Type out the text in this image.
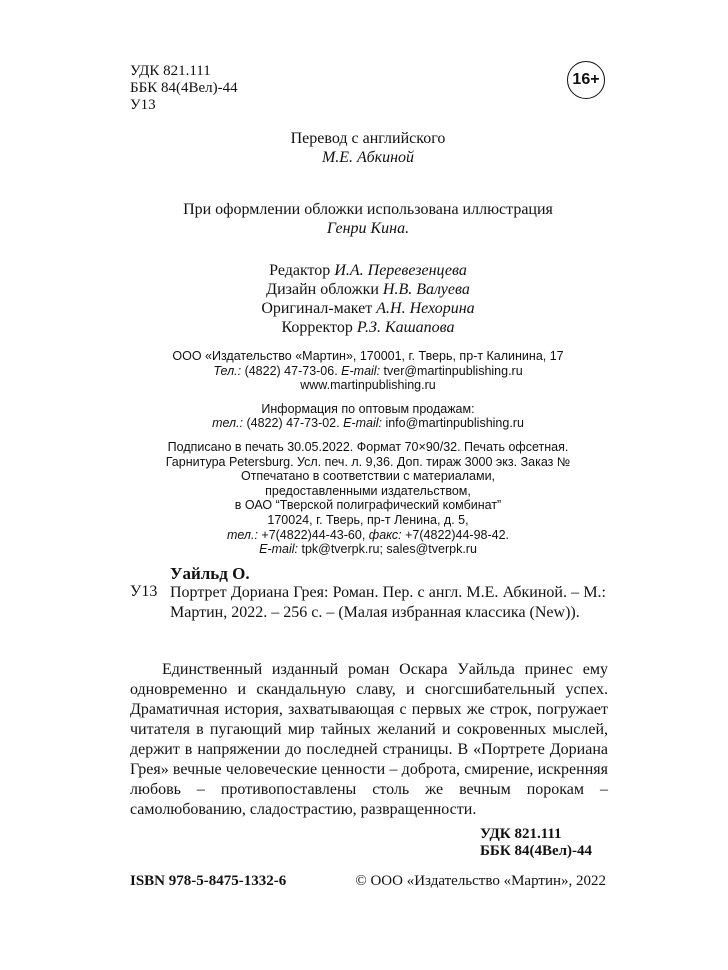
УДК 821.111
ББК 84(4Вел)-44
У13
16+
Перевод с английского
М.Е. Абкиной
При оформлении обложки использована иллюстрация
Генри Кина.
Редактор И.А. Перевезенцева
Дизайн обложки Н.В. Валуева
Оригинал-макет А.Н. Нехорина
Корректор Р.З. Кашапова
ООО «Издательство «Мартин», 170001, г. Тверь, пр-т Калинина, 17
Тел.: (4822) 47-73-06. E-mail: tver@martinpublishing.ru
www.martinpublishing.ru
Информация по оптовым продажам:
тел.: (4822) 47-73-02. E-mail: info@martinpublishing.ru
Подписано в печать 30.05.2022. Формат 70×90/32. Печать офсетная.
Гарнитура Petersburg. Усл. печ. л. 9,36. Доп. тираж 3000 экз. Заказ №
Отпечатано в соответствии с материалами,
предоставленными издательством,
в ОАО “Тверской полиграфический комбинат”
170024, г. Тверь, пр-т Ленина, д. 5,
тел.: +7(4822)44-43-60, факс: +7(4822)44-98-42.
E-mail: tpk@tverpk.ru; sales@tverpk.ru
Уайльд О.
У13 Портрет Дориана Грея: Роман. Пер. с англ. М.Е. Абкиной. – М.: Мартин, 2022. – 256 с. – (Малая избранная классика (New)).
Единственный изданный роман Оскара Уайльда принес ему одновременно и скандальную славу, и сногсшибательный успех. Драматичная история, захватывающая с первых же строк, погружает читателя в пугающий мир тайных желаний и сокровенных мыслей, держит в напряжении до последней страницы. В «Портрете Дориана Грея» вечные человеческие ценности – доброта, смирение, искренняя любовь – противопоставлены столь же вечным порокам – самолюбованию, сладострастию, развращенности.
УДК 821.111
ББК 84(4Вел)-44
ISBN 978-5-8475-1332-6	© ООО «Издательство «Мартин», 2022
